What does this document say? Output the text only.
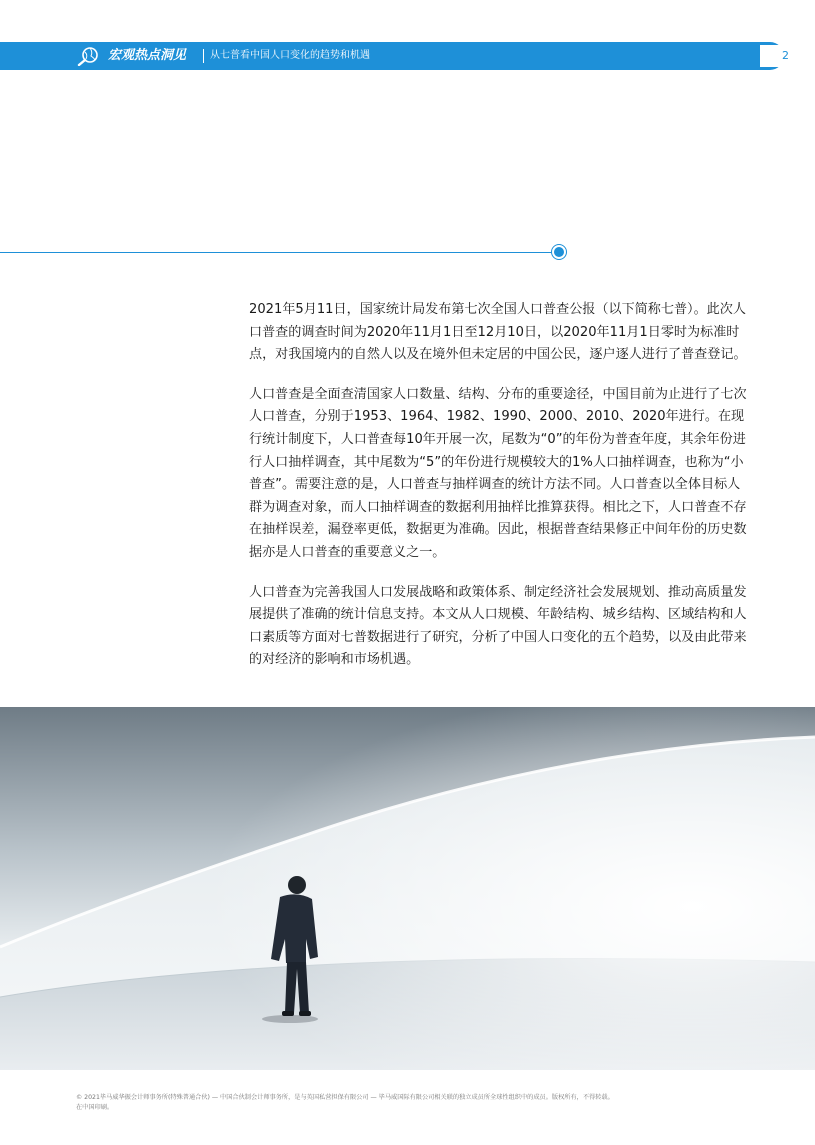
宏观热点洞见 从七普看中国人口变化的趋势和机遇	2

2021年5月11日，国家统计局发布第七次全国人口普查公报（以下简称七普）。此次人口普查的调查时间为2020年11月1日至12月10日，以2020年11月1日零时为标准时点，对我国境内的自然人以及在境外但未定居的中国公民，逐户逐人进行了普查登记。

人口普查是全面查清国家人口数量、结构、分布的重要途径，中国目前为止进行了七次人口普查，分别于1953、1964、1982、1990、2000、2010、2020年进行。在现行统计制度下，人口普查每10年开展一次，尾数为“0”的年份为普查年度，其余年份进行人口抽样调查，其中尾数为“5”的年份进行规模较大的1%人口抽样调查，也称为“小普查”。需要注意的是，人口普查与抽样调查的统计方法不同。人口普查以全体目标人群为调查对象，而人口抽样调查的数据利用抽样比推算获得。相比之下，人口普查不存在抽样误差，漏登率更低，数据更为准确。因此，根据普查结果修正中间年份的历史数据亦是人口普查的重要意义之一。

人口普查为完善我国人口发展战略和政策体系、制定经济社会发展规划、推动高质量发展提供了准确的统计信息支持。本文从人口规模、年龄结构、城乡结构、区域结构和人口素质等方面对七普数据进行了研究，分析了中国人口变化的五个趋势，以及由此带来的对经济的影响和市场机遇。

© 2021毕马威华振会计师事务所(特殊普通合伙) — 中国合伙制会计师事务所，是与英国私营担保有限公司 — 毕马威国际有限公司相关联的独立成员所全球性组织中的成员。版权所有，不得转载。
在中国印刷。
